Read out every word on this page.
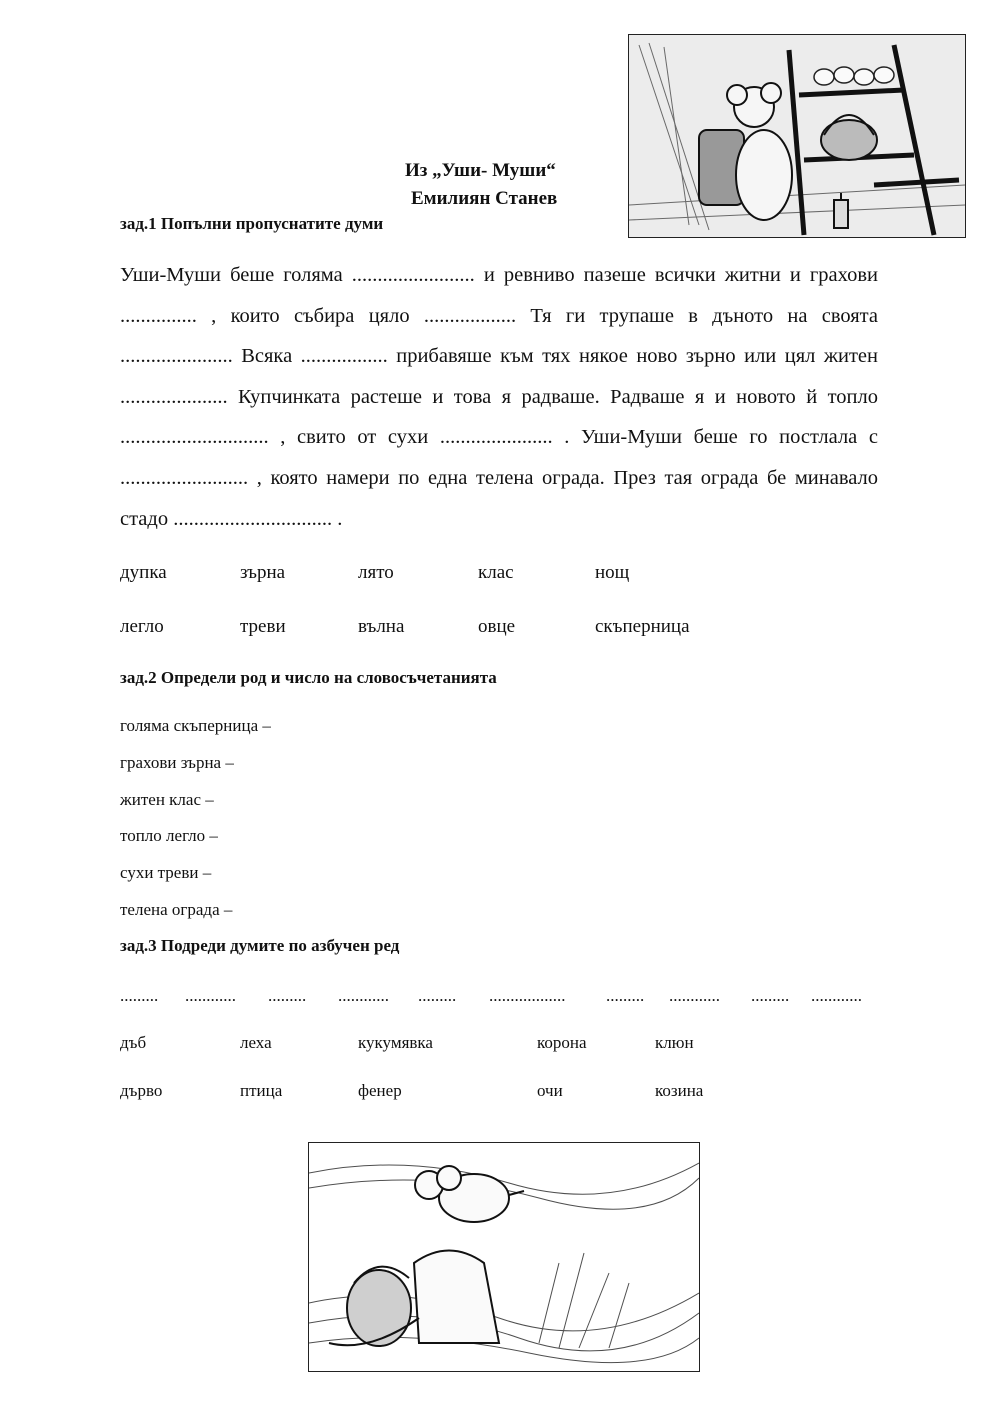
Из „Уши- Муши“
Емилиян Станев
зад.1 Попълни пропуснатите думи

Уши-Муши беше голяма ........................ и ревниво пазеше всички житни и грахови ............... , които събира цяло .................. Тя ги трупаше в дъното на своята ...................... Всяка ................. прибавяше към тях някое ново зърно или цял житен ..................... Купчинката растеше и това я радваше. Радваше я и новото й топло ............................. , свито от сухи ...................... . Уши-Муши беше го постлала с ......................... , която намери по една телена ограда. През тая ограда бе минавало стадо ............................... .

дупка	зърна	лято	клас	нощ
легло	треви	вълна	овце	скъперница
зад.2 Определи род и число на словосъчетанията
голяма скъперница –
грахови зърна –
житен клас –
топло легло –
сухи треви –
телена ограда –
зад.3 Подреди думите по азбучен ред
......... ............ ......... ............ ......... .................. ......... ............ ......... ............
дъб	леха	кукумявка	корона	клюн
дърво	птица	фенер	очи	козина
